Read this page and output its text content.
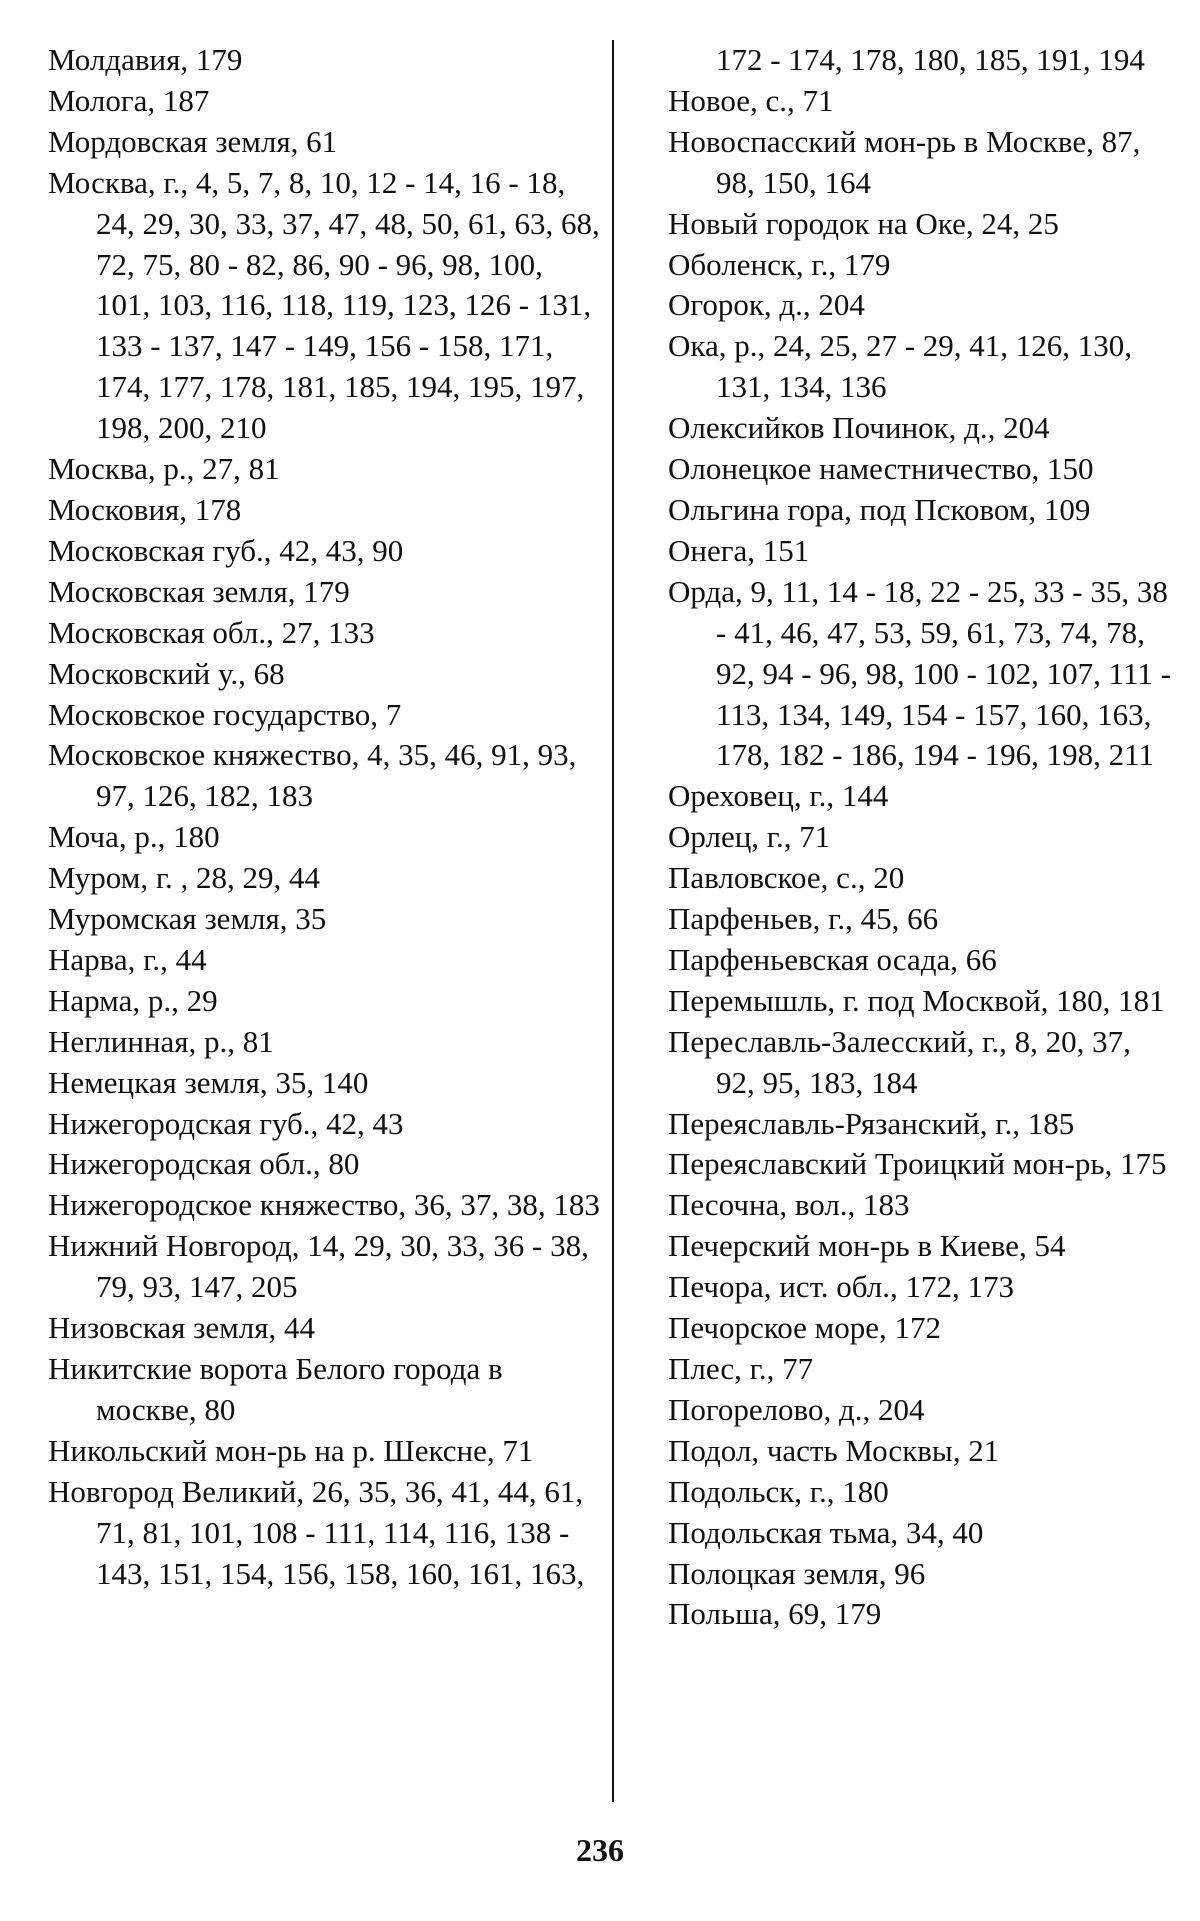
Молдавия, 179

Молога, 187

Мордовская земля, 61

Москва, г., 4, 5, 7, 8, 10, 12 - 14, 16 - 18, 24, 29, 30, 33, 37, 47, 48, 50, 61, 63, 68, 72, 75, 80 - 82, 86, 90 - 96, 98, 100, 101, 103, 116, 118, 119, 123, 126 - 131, 133 - 137, 147 - 149, 156 - 158, 171, 174, 177, 178, 181, 185, 194, 195, 197, 198, 200, 210

Москва, р., 27, 81

Московия, 178

Московская губ., 42, 43, 90

Московская земля, 179

Московская обл., 27, 133

Московский у., 68

Московское государство, 7

Московское княжество, 4, 35, 46, 91, 93, 97, 126, 182, 183

Моча, р., 180

Муром, г. , 28, 29, 44

Муромская земля, 35

Нарва, г., 44

Нарма, р., 29

Неглинная, р., 81

Немецкая земля, 35, 140

Нижегородская губ., 42, 43

Нижегородская обл., 80

Нижегородское княжество, 36, 37, 38, 183

Нижний Новгород, 14, 29, 30, 33, 36 - 38, 79, 93, 147, 205

Низовская земля, 44

Никитские ворота Белого города в москве, 80

Никольский мон-рь на р. Шексне, 71

Новгород Великий, 26, 35, 36, 41, 44, 61, 71, 81, 101, 108 - 111, 114, 116, 138 - 143, 151, 154, 156, 158, 160, 161, 163,

172 - 174, 178, 180, 185, 191, 194

Новое, с., 71

Новоспасский мон-рь в Москве, 87, 98, 150, 164

Новый городок на Оке, 24, 25

Оболенск, г., 179

Огорок, д., 204

Ока, р., 24, 25, 27 - 29, 41, 126, 130, 131, 134, 136

Олексийков Починок, д., 204

Олонецкое наместничество, 150

Ольгина гора, под Псковом, 109

Онега, 151

Орда, 9, 11, 14 - 18, 22 - 25, 33 - 35, 38 - 41, 46, 47, 53, 59, 61, 73, 74, 78, 92, 94 - 96, 98, 100 - 102, 107, 111 - 113, 134, 149, 154 - 157, 160, 163, 178, 182 - 186, 194 - 196, 198, 211

Ореховец, г., 144

Орлец, г., 71

Павловское, с., 20

Парфеньев, г., 45, 66

Парфеньевская осада, 66

Перемышль, г. под Москвой, 180, 181

Переславль-Залесский, г., 8, 20, 37, 92, 95, 183, 184

Переяславль-Рязанский, г., 185

Переяславский Троицкий мон-рь, 175

Песочна, вол., 183

Печерский мон-рь в Киеве, 54

Печора, ист. обл., 172, 173

Печорское море, 172

Плес, г., 77

Погорелово, д., 204

Подол, часть Москвы, 21

Подольск, г., 180

Подольская тьма, 34, 40

Полоцкая земля, 96

Польша, 69, 179

236
